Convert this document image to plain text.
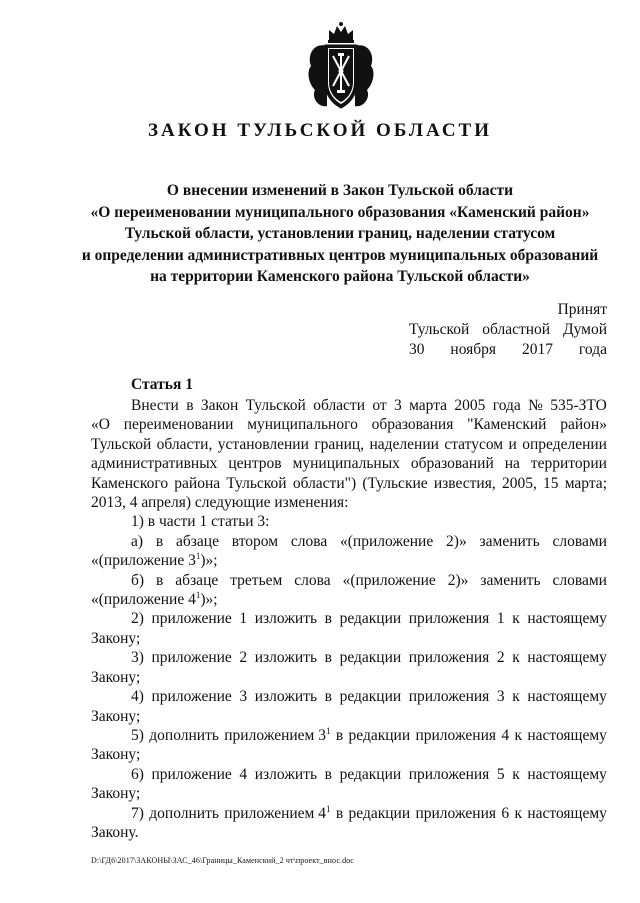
ЗАКОН ТУЛЬСКОЙ ОБЛАСТИ
О внесении изменений в Закон Тульской области
«О переименовании муниципального образования «Каменский район»
Тульской области, установлении границ, наделении статусом
и определении административных центров муниципальных образований
на территории Каменского района Тульской области»
Принят
Тульской областной Думой
30 ноября 2017 года
Статья 1
Внести в Закон Тульской области от 3 марта 2005 года № 535-ЗТО
«О переименовании муниципального образования "Каменский район»
Тульской области, установлении границ, наделении статусом и определении
административных центров муниципальных образований на территории
Каменского района Тульской области") (Тульские известия, 2005, 15 марта;
2013, 4 апреля) следующие изменения:
1) в части 1 статьи 3:
а) в абзаце втором слова «(приложение 2)» заменить словами
«(приложение $3^1$)»;
б) в абзаце третьем слова «(приложение 2)» заменить словами
«(приложение $4^1$)»;
2) приложение 1 изложить в редакции приложения 1 к настоящему
Закону;
3) приложение 2 изложить в редакции приложения 2 к настоящему
Закону;
4) приложение 3 изложить в редакции приложения 3 к настоящему
Закону;
5) дополнить приложением $3^1$ в редакции приложения 4 к настоящему
Закону;
6) приложение 4 изложить в редакции приложения 5 к настоящему
Закону;
7) дополнить приложением $4^1$ в редакции приложения 6 к настоящему
Закону.
D:\ГД6\2017\ЗАКОНЫ\ЗАС_46\Границы_Каменский_2 чт\проект_внос.doc
